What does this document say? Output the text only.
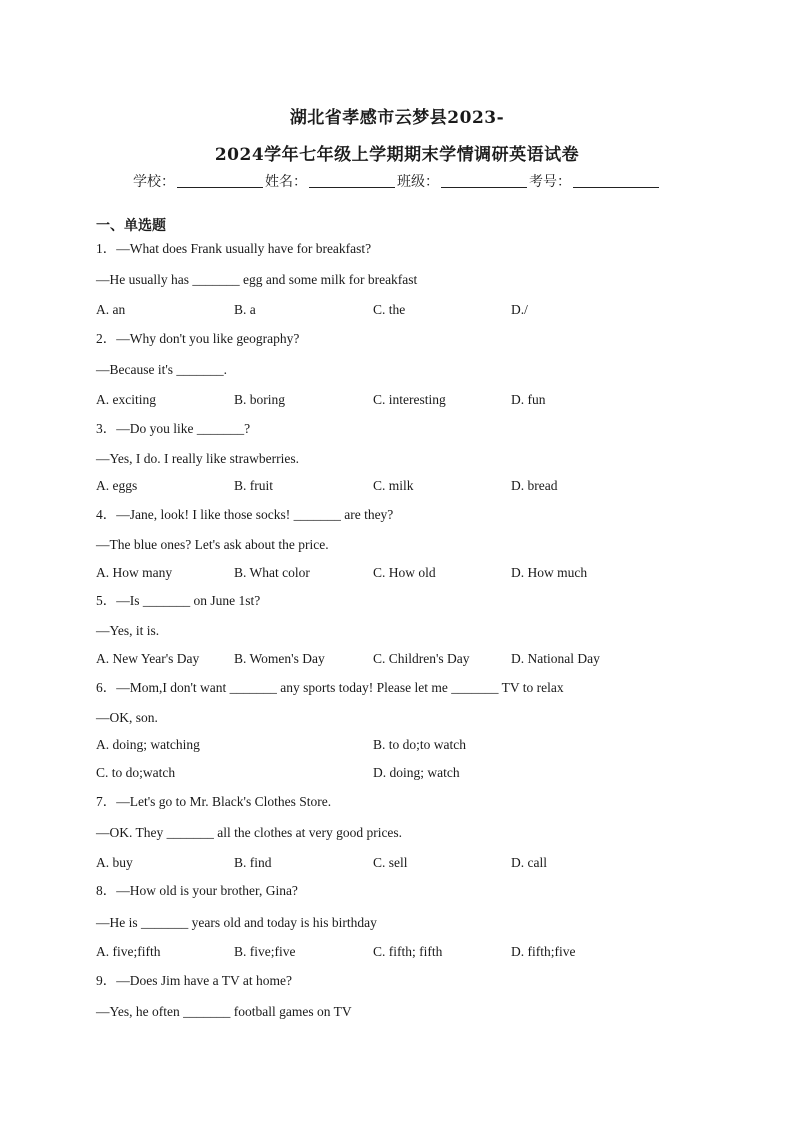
湖北省孝感市云梦县2023-
2024学年七年级上学期期末学情调研英语试卷
学校：	姓名：	班级：	考号：
一、单选题
1．—What does Frank usually have for breakfast?
—He usually has _______ egg and some milk for breakfast
A. an	B. a	C. the	D./
2．—Why don't you like geography?
—Because it's _______.
A. exciting	B. boring	C. interesting	D. fun
3．—Do you like _______?
—Yes, I do. I really like strawberries.
A. eggs	B. fruit	C. milk	D. bread
4．—Jane, look! I like those socks! _______ are they?
—The blue ones? Let's ask about the price.
A. How many	B. What color	C. How old	D. How much
5．—Is _______ on June 1st?
—Yes, it is.
A. New Year's Day	B. Women's Day	C. Children's Day	D. National Day
6．—Mom,I don't want _______ any sports today! Please let me _______ TV to relax
—OK, son.
A. doing; watching	B. to do;to watch
C. to do;watch	D. doing; watch
7．—Let's go to Mr. Black's Clothes Store.
—OK. They _______ all the clothes at very good prices.
A. buy	B. find	C. sell	D. call
8．—How old is your brother, Gina?
—He is _______ years old and today is his birthday
A. five;fifth	B. five;five	C. fifth; fifth	D. fifth;five
9．—Does Jim have a TV at home?
—Yes, he often _______ football games on TV
